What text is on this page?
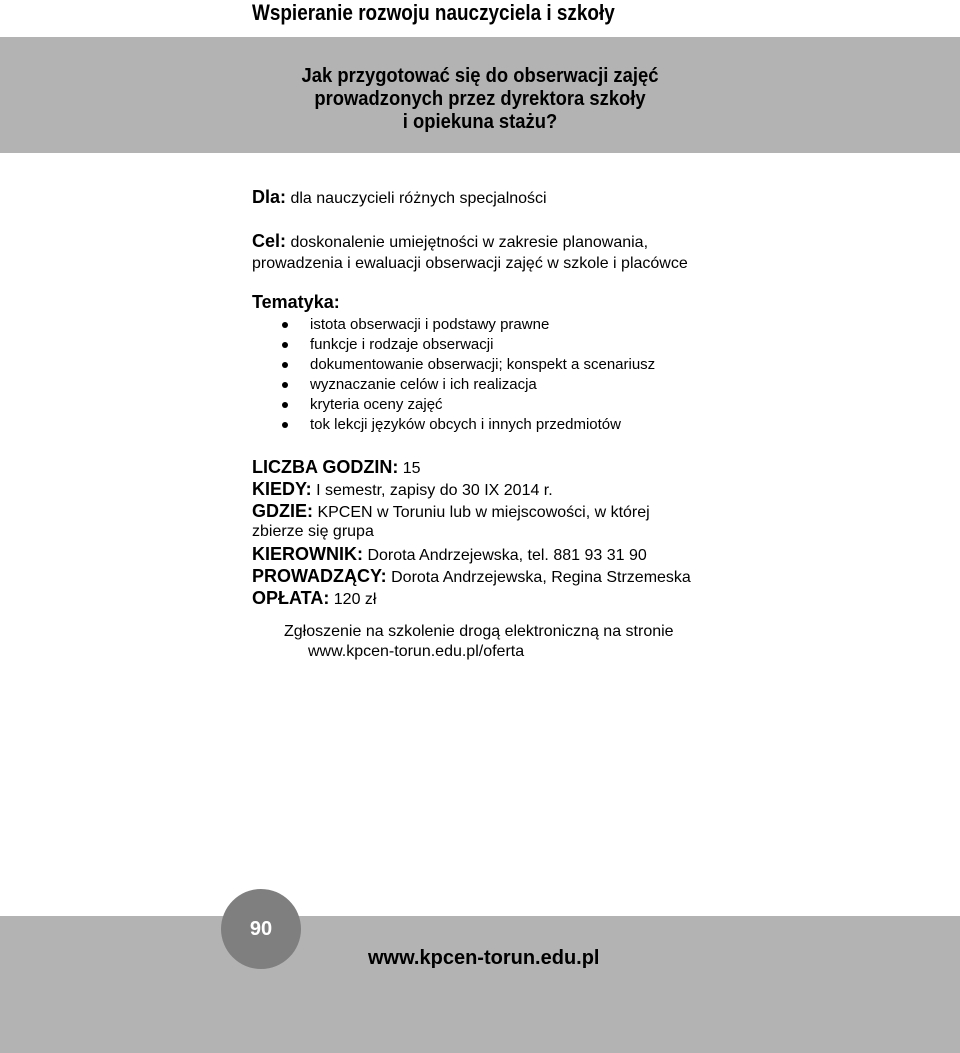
Wspieranie rozwoju nauczyciela i szkoły
Jak przygotować się do obserwacji zajęć
prowadzonych przez dyrektora szkoły
i opiekuna stażu?
Dla: dla nauczycieli różnych specjalności
Cel: doskonalenie umiejętności w zakresie planowania,
prowadzenia i ewaluacji obserwacji zajęć w szkole i placówce
Tematyka:
istota obserwacji i podstawy prawne
funkcje i rodzaje obserwacji
dokumentowanie obserwacji; konspekt a scenariusz
wyznaczanie celów i ich realizacja
kryteria oceny zajęć
tok lekcji języków obcych i innych przedmiotów
LICZBA GODZIN: 15
KIEDY: I semestr, zapisy do 30 IX 2014 r.
GDZIE: KPCEN w Toruniu lub w miejscowości, w której
zbierze się grupa
KIEROWNIK: Dorota Andrzejewska, tel. 881 93 31 90
PROWADZĄCY: Dorota Andrzejewska, Regina Strzemeska
OPŁATA: 120 zł
Zgłoszenie na szkolenie drogą elektroniczną na stronie
www.kpcen-torun.edu.pl/oferta
90
www.kpcen-torun.edu.pl
